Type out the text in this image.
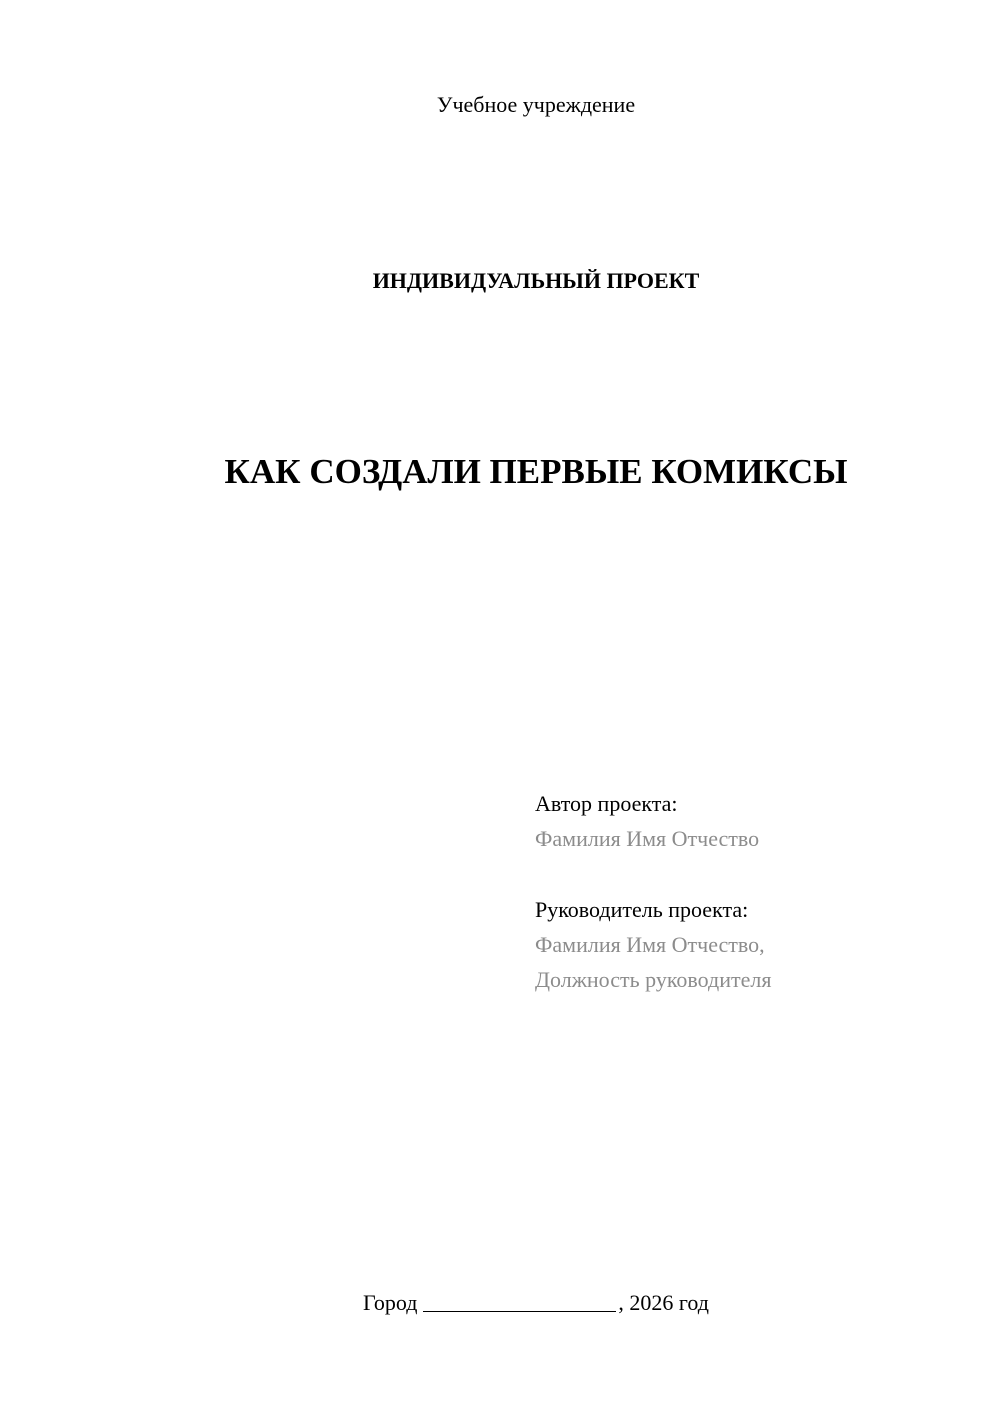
Учебное учреждение
ИНДИВИДУАЛЬНЫЙ ПРОЕКТ
КАК СОЗДАЛИ ПЕРВЫЕ КОМИКСЫ
Автор проекта:
Фамилия Имя Отчество
Руководитель проекта:
Фамилия Имя Отчество,
Должность руководителя
Город	, 2026 год
